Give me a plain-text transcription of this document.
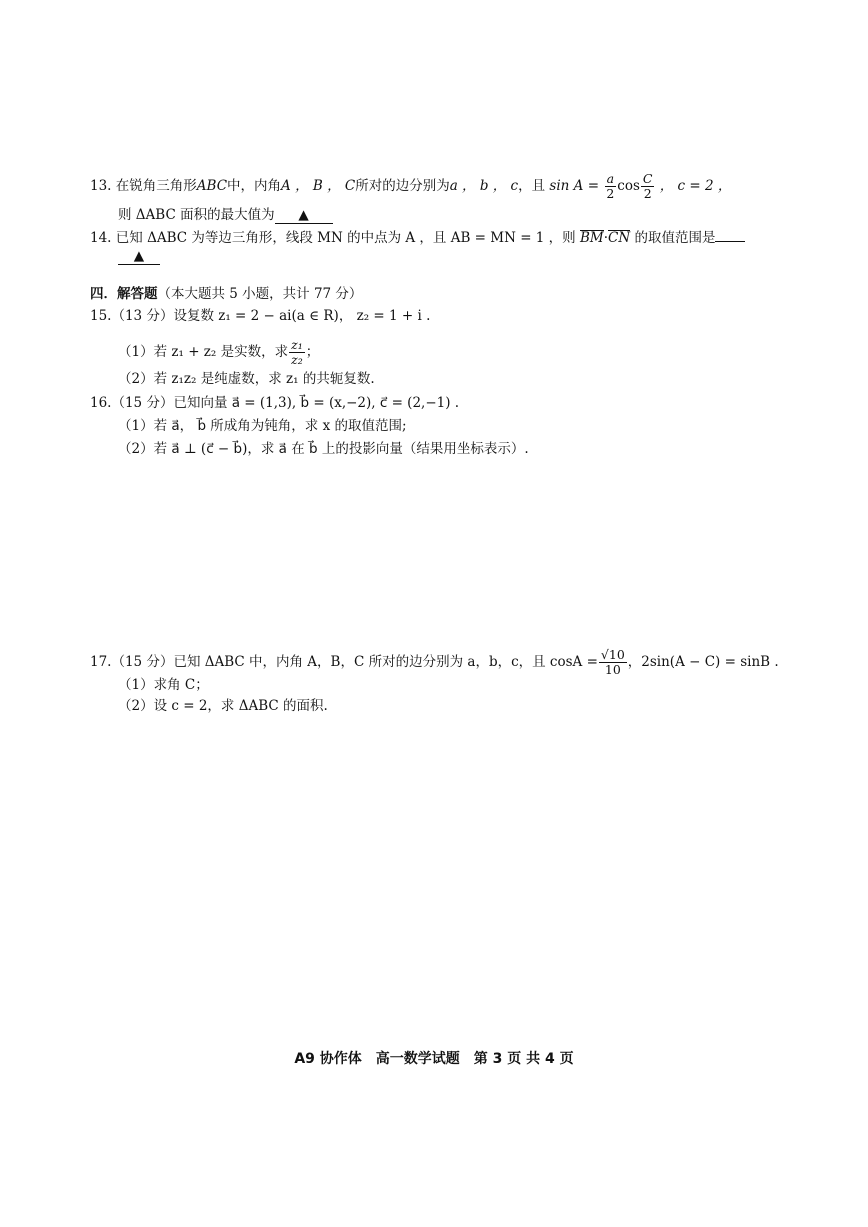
13. 在锐角三角形ABC中，内角A ， B ， C所对的边分别为a ， b ， c，且 $\sin A = \frac{a}{2}$ $\cos \frac{C}{2}$ ， c = 2 ，
则 ΔABC 面积的最大值为 ▲
14. 已知 ΔABC 为等边三角形，线段 MN 的中点为 A ，且 AB = MN = 1 ，则 BM·CN 的取值范围是
▲
四．解答题（本大题共 5 小题，共计 77 分）
15.（13 分）设复数 z₁ = 2 − ai(a ∈ R)， z₂ = 1 + i .
（1）若 z₁ + z₂ 是实数，求 $\frac{\text{z₁}}{\text{z₂}}$ ；
（2）若 z₁z₂ 是纯虚数，求 z₁ 的共轭复数.
16.（15 分）已知向量 a⃗ = (1,3), b⃗ = (x,−2), c⃗ = (2,−1) .
（1）若 a⃗， b⃗ 所成角为钝角，求 x 的取值范围;
（2）若 a⃗ ⊥ (c⃗ − b⃗)，求 a⃗ 在 b⃗ 上的投影向量（结果用坐标表示）.
17.（15 分）已知 ΔABC 中，内角 A，B，C 所对的边分别为 a，b，c，且 $\cos A = \frac{√10}{10}$ ，2sin(A − C) = sinB .
（1）求角 C；
（2）设 c = 2，求 ΔABC 的面积.
A9 协作体　高一数学试题　第 3 页 共 4 页
